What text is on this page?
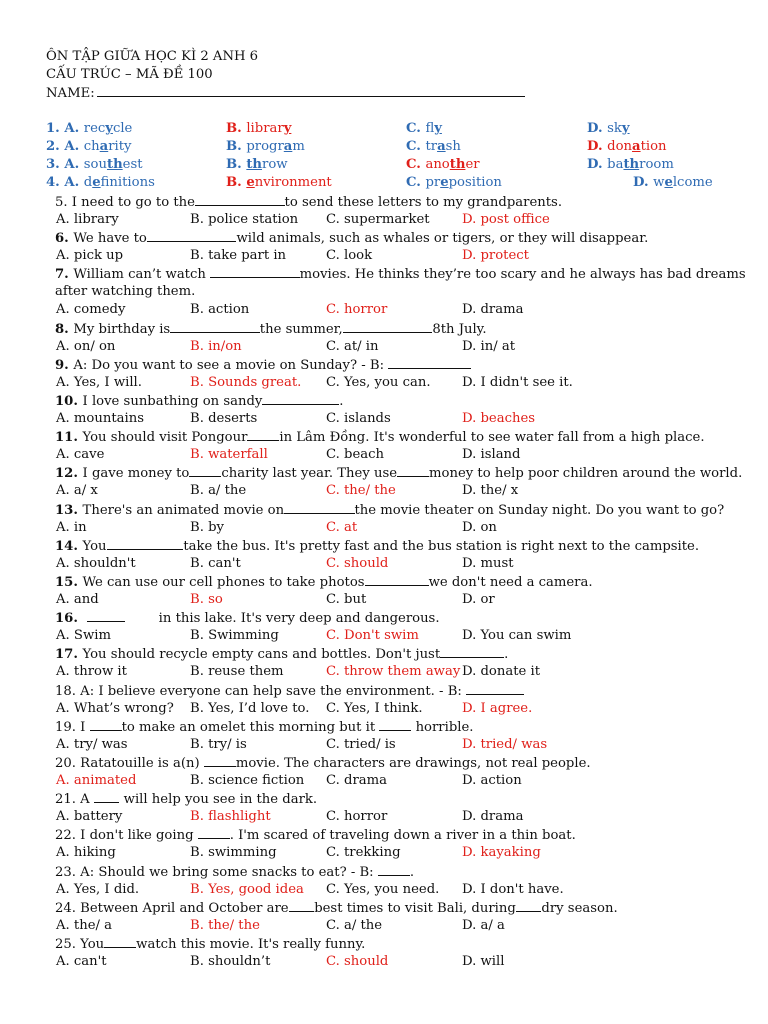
ÔN TẬP GIỮA HỌC KÌ 2 ANH 6
CẤU TRÚC – MÃ ĐỀ 100
NAME:
1. A. recycle	B. library	C. fly	D. sky
2. A. charity	B. program	C. trash	D. donation
3. A. southest	B. throw	C. another	D. bathroom
4. A. definitions	B. environment	C. preposition	D. welcome
5. I need to go to the	to send these letters to my grandparents.
A. library	B. police station C. supermarket D. post office
6. We have to	wild animals, such as whales or tigers, or they will disappear.
A. pick up	B. take part in	C. look	D. protect
7. William can’t watch	movies. He thinks they’re too scary and he always has bad dreams
after watching them.
A. comedy	B. action	C. horror	D. drama
8. My birthday is	the summer,	8th July.
A. on/ on	B. in/on	C. at/ in	D. in/ at
9. A: Do you want to see a movie on Sunday? - B:
A. Yes, I will.	B. Sounds great. C. Yes, you can. D. I didn't see it.
10. I love sunbathing on sandy	.
A. mountains	B. deserts	C. islands	D. beaches
11. You should visit Pongour in Lâm Đồng. It's wonderful to see water fall from a high place.
A. cave	B. waterfall	C. beach	D. island
12. I gave money to charity last year. They use money to help poor children around the world.
A. a/ x	B. a/ the	C. the/ the	D. the/ x
13. There's an animated movie on	the movie theater on Sunday night. Do you want to go?
A. in	B. by	C. at	D. on
14. You	take the bus. It's pretty fast and the bus station is right next to the campsite.
A. shouldn't	B. can't	C. should	D. must
15. We can use our cell phones to take photos	we don't need a camera.
A. and	B. so	C. but	D. or
16.	in this lake. It's very deep and dangerous.
A. Swim	B. Swimming	C. Don't swim	D. You can swim
17. You should recycle empty cans and bottles. Don't just	.
A. throw it	B. reuse them	C. throw them away D. donate it
18. A: I believe everyone can help save the environment. - B:
A. What’s wrong? B. Yes, I’d love to. C. Yes, I think.	D. I agree.
19. I to make an omelet this morning but it  horrible.
A. try/ was	B. try/ is	C. tried/ is	D. tried/ was
20. Ratatouille is a(n) movie. The characters are drawings, not real people.
A. animated	B. science fiction C. drama	D. action
21. A  will help you see in the dark.
A. battery	B. flashlight	C. horror	D. drama
22. I don't like going . I'm scared of traveling down a river in a thin boat.
A. hiking	B. swimming	C. trekking	D. kayaking
23. A: Should we bring some snacks to eat? - B: .
A. Yes, I did.	B. Yes, good idea C. Yes, you need. D. I don't have.
24. Between April and October are best times to visit Bali, during dry season.
A. the/ a	B. the/ the	C. a/ the	D. a/ a
25. You watch this movie. It's really funny.
A. can't	B. shouldn’t	C. should	D. will
